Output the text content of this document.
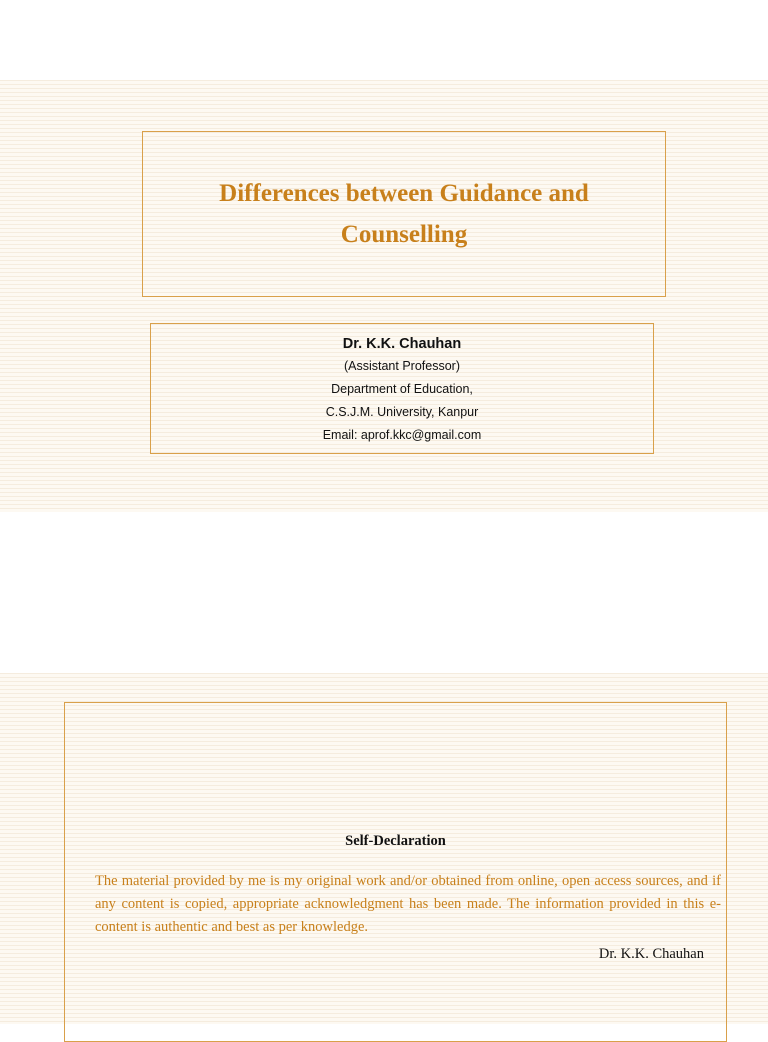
Differences between Guidance and Counselling
Dr. K.K. Chauhan
(Assistant Professor)
Department of Education,
C.S.J.M. University, Kanpur
Email: aprof.kkc@gmail.com
Self-Declaration

The material provided by me is my original work and/or obtained from online, open access sources, and if any content is copied, appropriate acknowledgment has been made. The information provided in this e-content is authentic and best as per knowledge.

Dr. K.K. Chauhan
